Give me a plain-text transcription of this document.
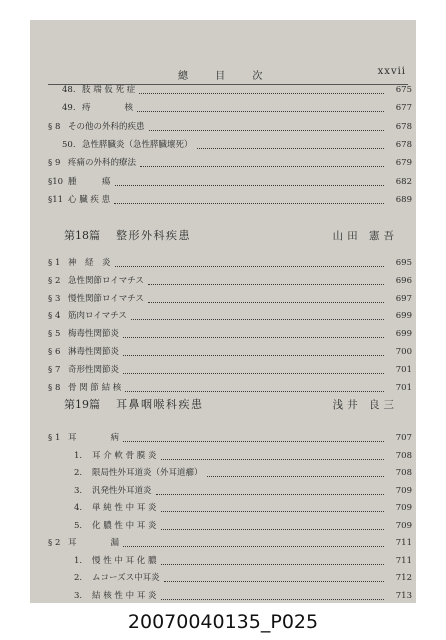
總 目 次	xxvii
48. 肢 端 仮 死 症	675
49. 痔　　　　核	677
§ 8 その他の外科的疾患	678
50. 急性膵臓炎（急性膵臓壞死）	678
§ 9 疼痛の外科的療法	679
§10 腫　　　瘍	682
§11 心 臓 疾 患	689
第18篇 整形外科疾患	山田 憲吾
§ 1 神　経　炎	695
§ 2 急性関節ロイマチス	696
§ 3 慢性関節ロイマチス	697
§ 4 筋肉ロイマチス	699
§ 5 梅毒性関節炎	699
§ 6 淋毒性関節炎	700
§ 7 奇形性関節炎	701
§ 8 骨 関 節 結 核	701
第19篇 耳鼻咽喉科疾患	浅井 良三
§ 1 耳　　　　病	707
1. 耳 介 軟 骨 膜 炎	708
2. 限局性外耳道炎（外耳道癤）	708
3. 汎発性外耳道炎	709
4. 単 純 性 中 耳 炎	709
5. 化 膿 性 中 耳 炎	709
§ 2 耳　　　　漏	711
1. 慢 性 中 耳 化 膿	711
2. ムコーズス中耳炎	712
3. 結 核 性 中 耳 炎	713
20070040135_P025
